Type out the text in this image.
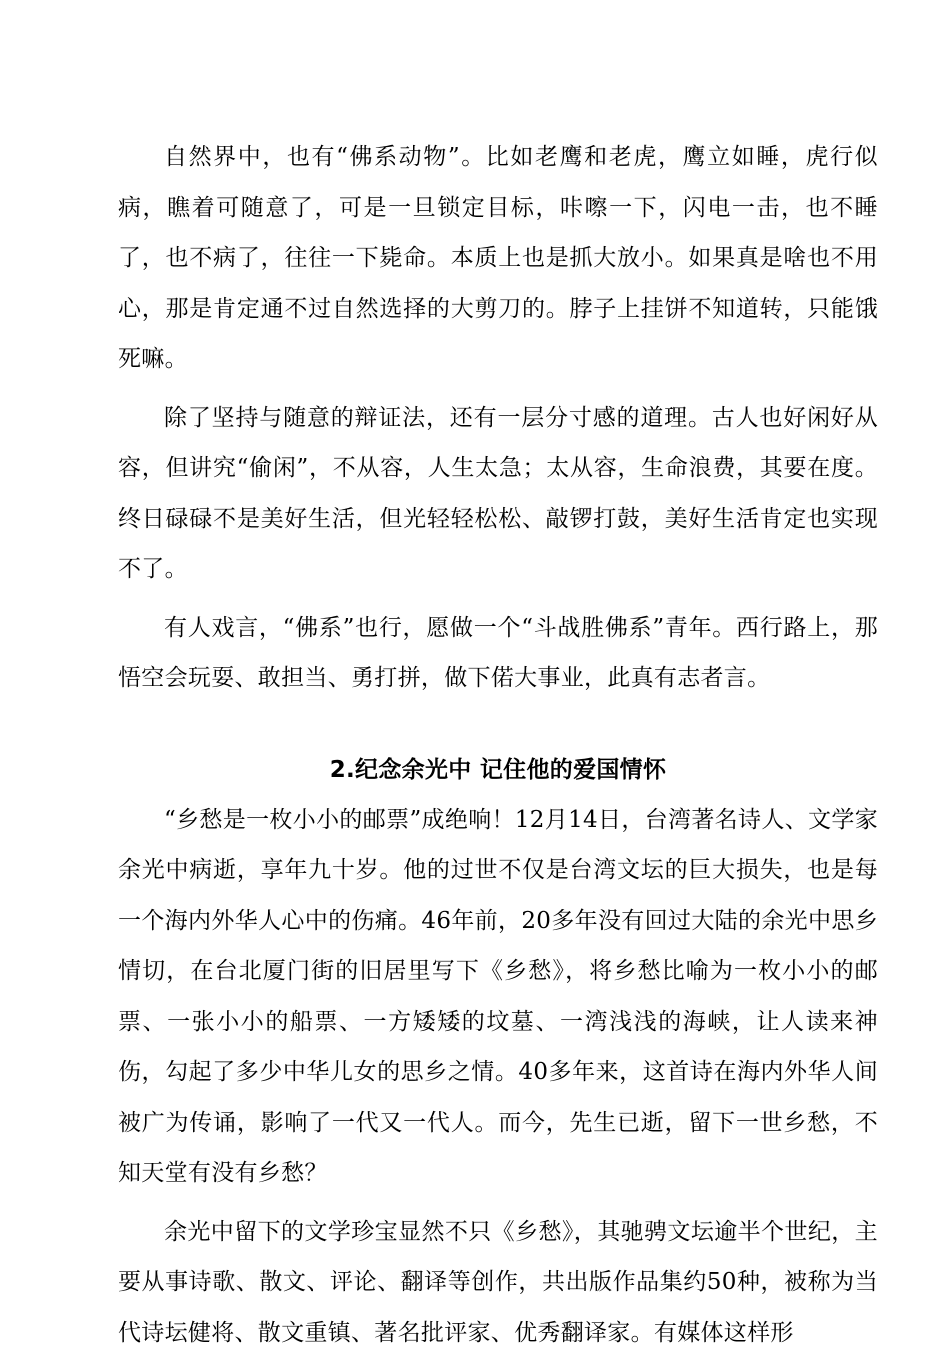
自然界中，也有“佛系动物”。比如老鹰和老虎，鹰立如睡，虎行似病，瞧着可随意了，可是一旦锁定目标，咔嚓一下，闪电一击，也不睡了，也不病了，往往一下毙命。本质上也是抓大放小。如果真是啥也不用心，那是肯定通不过自然选择的大剪刀的。脖子上挂饼不知道转，只能饿死嘛。

除了坚持与随意的辩证法，还有一层分寸感的道理。古人也好闲好从容，但讲究“偷闲”，不从容，人生太急；太从容，生命浪费，其要在度。终日碌碌不是美好生活，但光轻轻松松、敲锣打鼓，美好生活肯定也实现不了。

有人戏言，“佛系”也行，愿做一个“斗战胜佛系”青年。西行路上，那悟空会玩耍、敢担当、勇打拼，做下偌大事业，此真有志者言。

2.纪念余光中 记住他的爱国情怀

“乡愁是一枚小小的邮票”成绝响！12月14日，台湾著名诗人、文学家余光中病逝，享年九十岁。他的过世不仅是台湾文坛的巨大损失，也是每一个海内外华人心中的伤痛。46年前，20多年没有回过大陆的余光中思乡情切，在台北厦门街的旧居里写下《乡愁》，将乡愁比喻为一枚小小的邮票、一张小小的船票、一方矮矮的坟墓、一湾浅浅的海峡，让人读来神伤，勾起了多少中华儿女的思乡之情。40多年来，这首诗在海内外华人间被广为传诵，影响了一代又一代人。而今，先生已逝，留下一世乡愁，不知天堂有没有乡愁？

余光中留下的文学珍宝显然不只《乡愁》，其驰骋文坛逾半个世纪，主要从事诗歌、散文、评论、翻译等创作，共出版作品集约50种，被称为当代诗坛健将、散文重镇、著名批评家、优秀翻译家。有媒体这样形
